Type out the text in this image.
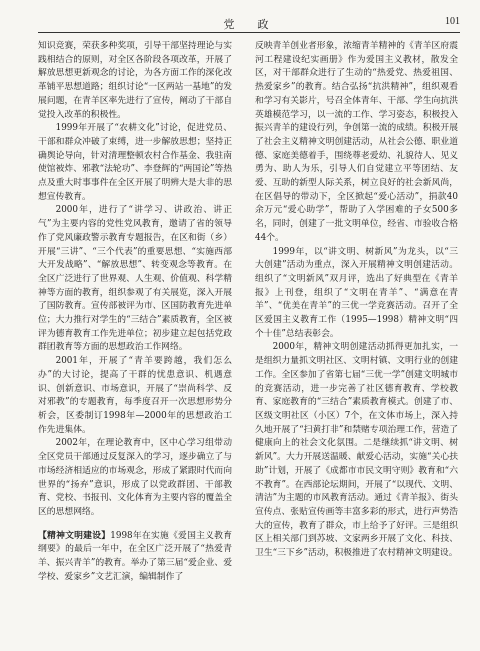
党　政	101

知识竞赛，荣获多种奖项，引导干部坚持理论与实践相结合的原则，对全区各阶段各项改革，开展了解放思想更新观念的讨论，为各方面工作的深化改革铺平思想道路；组织讨论“一区两站一基地”的发展问题，在青羊区率先进行了宣传，阐动了干部自觉投入改革的积极性。

1999年开展了“农耕文化”讨论，促进党员、干部和群众冲破了束缚，进一步解放思想；坚持正确舆论导向，针对清理整顿农村合作基金、我驻南使馆被炸、邪教“法轮功”、李登辉的“两国论”等热点及重大时事事件在全区开展了明辨大是大非的思想宣传教育。

2000年，进行了“讲学习、讲政治、讲正气”为主要内容的党性党风教育，邀请了省的领导作了党风廉政警示教育专题报告，在区和街（乡）开展“三讲”、“三个代表”的重要思想、“实施西部大开发战略”、“解放思想”、转变观念等教育。在全区广泛进行了世界观、人生观、价值观、科学精神等方面的教育，组织参观了有关展览，深入开展了国防教育。宣传部被评为市、区国防教育先进单位；大力推行对学生的“三结合”素质教育，全区被评为德育教育工作先进单位；初步建立起包括党政群团教育等方面的思想政治工作网络。

2001年，开展了“青羊要跨越，我们怎么办”的大讨论，提高了干群的忧患意识、机遇意识、创新意识、市场意识，开展了“崇尚科学、反对邪教”的专题教育，每季度召开一次思想形势分析会，区委制订1998年—2000年的思想政治工作先进集体。

2002年，在理论教育中，区中心学习组带动全区党员干部通过反复深入的学习，逐步确立了与市场经济相适应的市场观念，形成了紧跟时代而向世界的“扬弃”意识，形成了以党政群团、干部教育、党校、书报刊、文化体育为主要内容的覆盖全区的思想网络。

【精神文明建设】1998年在实施《爱国主义教育纲要》的最后一年中，在全区广泛开展了“热爱青羊、振兴青羊”的教育。举办了第三届“爱企业、爱学校、爱家乡”文艺汇演，编辑制作了

反映青羊创业者形象，浓缩青羊精神的《青羊区府震河工程建设纪实画册》作为爱国主义教材，散发全区，对干部群众进行了生动的“热爱党、热爱祖国、热爱家乡”的教育。结合弘扬“抗洪精神”，组织观看和学习有关影片，号召全体青年、干部、学生向抗洪英雄模范学习，以一流的工作、学习姿态，积极投入振兴青羊的建设行列，争创第一流的成绩。积极开展了社会主义精神文明创建活动，从社会公德、职业道德、家庭美德着手，围绕尊老爱幼、礼貌待人、见义勇为、助人为乐，引导人们自觉建立平等团结、友爱、互助的新型人际关系，树立良好的社会新风尚，在区倡导的带动下，全区掀起“爱心活动”，捐款40余万元“爱心助学”，帮助了入学困难的子女500多名，同时，创建了一批文明单位，经省、市验收合格44个。

1999年，以“讲文明、树新风”为龙头，以“三大创建”活动为重点，深入开展精神文明创建活动。组织了“文明新风”双月评，选出了好典型在《青羊报》上刊登，组织了“文明在青羊”、“满意在青羊”、“优美在青羊”的三优一学竞赛活动。召开了全区爱国主义教育工作（1995—1998）精神文明“四个十佳”总结表彰会。

2000年，精神文明创建活动抓得更加扎实，一是组织力量抓文明社区、文明村镇、文明行业的创建工作。全区参加了省第七届“三优一学”创建文明城市的竞赛活动，进一步完善了社区德育教育、学校教育、家庭教育的“三结合”素质教育模式。创建了市、区级文明社区（小区）7个，在文体市场上，深入持久地开展了“扫黄打非”和禁赌专项治理工作，营造了健康向上的社会文化氛围。二是继续抓“讲文明、树新风”。大力开展送温暖、献爱心活动，实施“关心扶助”计划，开展了《成都市市民文明守则》教育和“六不教育”。在西部论坛期间，开展了“以现代、文明、清洁”为主题的市风教育活动。通过《青羊报》、街头宣传点、张贴宣传画等丰富多彩的形式，进行声势浩大的宣传，教育了群众，市上给予了好评。三是组织区上相关部门到苏坡、文家两乡开展了文化、科技、卫生“三下乡”活动，积极推进了农村精神文明建设。
